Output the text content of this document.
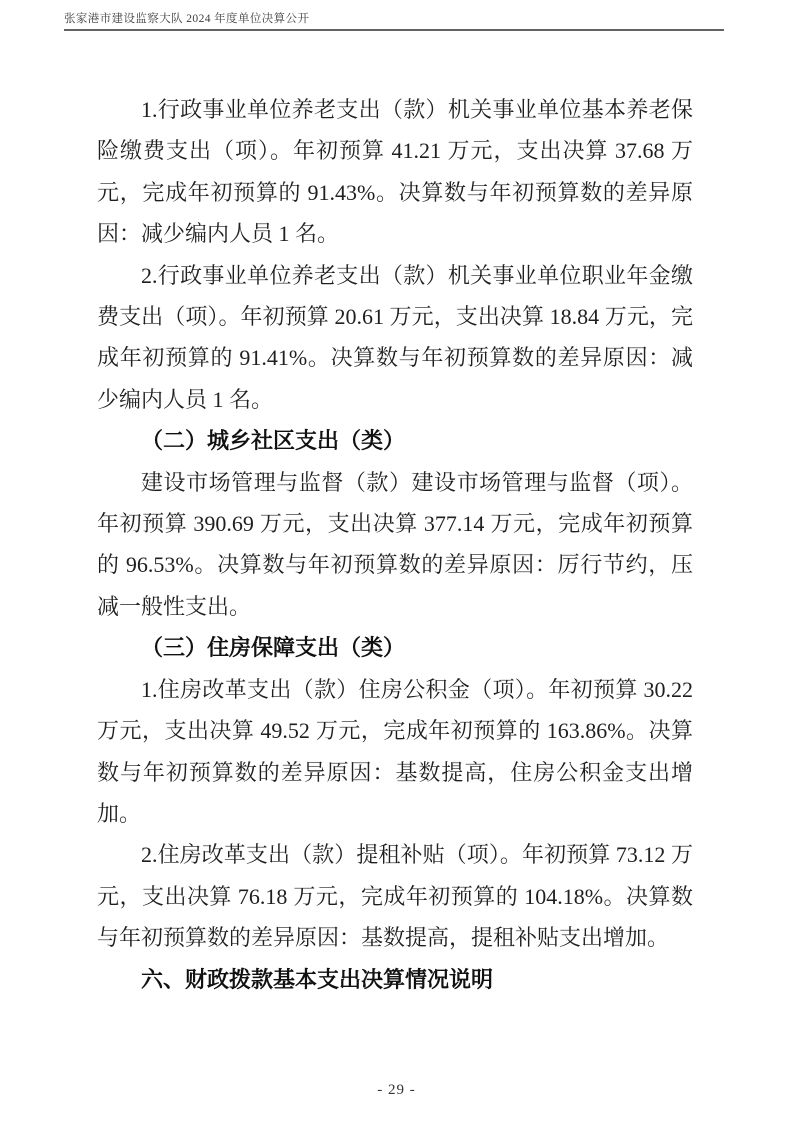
张家港市建设监察大队 2024 年度单位决算公开

1.行政事业单位养老支出（款）机关事业单位基本养老保险缴费支出（项）。年初预算 41.21 万元，支出决算 37.68 万元，完成年初预算的 91.43%。决算数与年初预算数的差异原因：减少编内人员 1 名。

2.行政事业单位养老支出（款）机关事业单位职业年金缴费支出（项）。年初预算 20.61 万元，支出决算 18.84 万元，完成年初预算的 91.41%。决算数与年初预算数的差异原因：减少编内人员 1 名。

（二）城乡社区支出（类）

建设市场管理与监督（款）建设市场管理与监督（项）。年初预算 390.69 万元，支出决算 377.14 万元，完成年初预算的 96.53%。决算数与年初预算数的差异原因：厉行节约，压减一般性支出。

（三）住房保障支出（类）

1.住房改革支出（款）住房公积金（项）。年初预算 30.22 万元，支出决算 49.52 万元，完成年初预算的 163.86%。决算数与年初预算数的差异原因：基数提高，住房公积金支出增加。

2.住房改革支出（款）提租补贴（项）。年初预算 73.12 万元，支出决算 76.18 万元，完成年初预算的 104.18%。决算数与年初预算数的差异原因：基数提高，提租补贴支出增加。

六、财政拨款基本支出决算情况说明

- 29 -
